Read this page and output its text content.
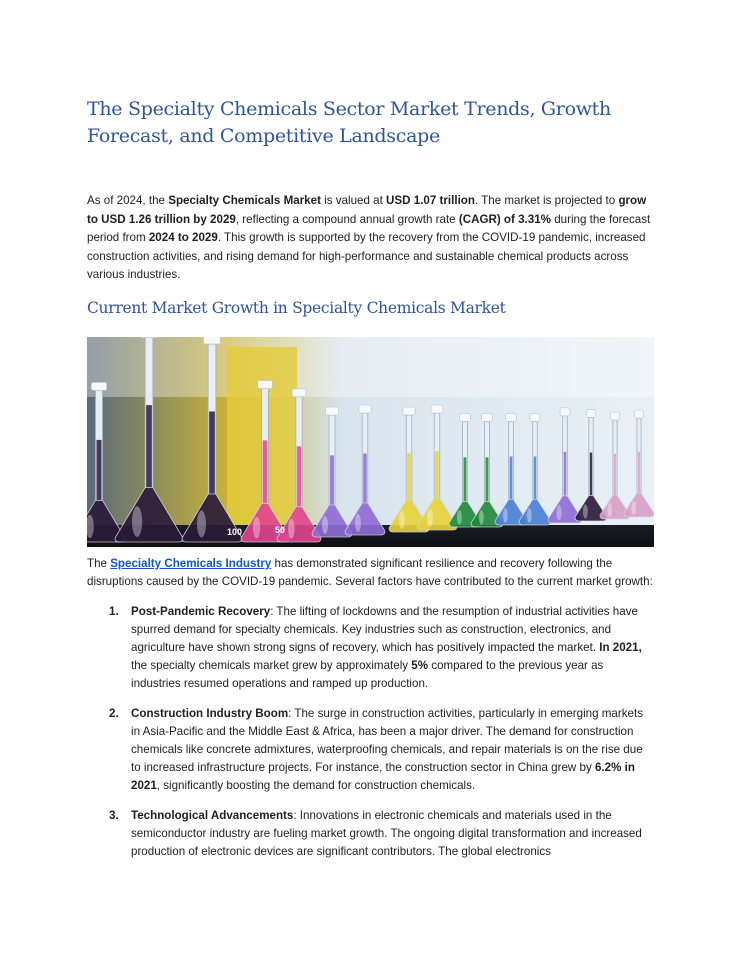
The Specialty Chemicals Sector Market Trends, Growth Forecast, and Competitive Landscape

As of 2024, the Specialty Chemicals Market is valued at USD 1.07 trillion. The market is projected to grow to USD 1.26 trillion by 2029, reflecting a compound annual growth rate (CAGR) of 3.31% during the forecast period from 2024 to 2029. This growth is supported by the recovery from the COVID-19 pandemic, increased construction activities, and rising demand for high-performance and sustainable chemical products across various industries.

Current Market Growth in Specialty Chemicals Market
100	50

The Specialty Chemicals Industry has demonstrated significant resilience and recovery following the disruptions caused by the COVID-19 pandemic. Several factors have contributed to the current market growth:

1. Post-Pandemic Recovery: The lifting of lockdowns and the resumption of industrial activities have spurred demand for specialty chemicals. Key industries such as construction, electronics, and agriculture have shown strong signs of recovery, which has positively impacted the market. In 2021, the specialty chemicals market grew by approximately 5% compared to the previous year as industries resumed operations and ramped up production.
2. Construction Industry Boom: The surge in construction activities, particularly in emerging markets in Asia-Pacific and the Middle East & Africa, has been a major driver. The demand for construction chemicals like concrete admixtures, waterproofing chemicals, and repair materials is on the rise due to increased infrastructure projects. For instance, the construction sector in China grew by 6.2% in 2021, significantly boosting the demand for construction chemicals.
3. Technological Advancements: Innovations in electronic chemicals and materials used in the semiconductor industry are fueling market growth. The ongoing digital transformation and increased production of electronic devices are significant contributors. The global electronics
